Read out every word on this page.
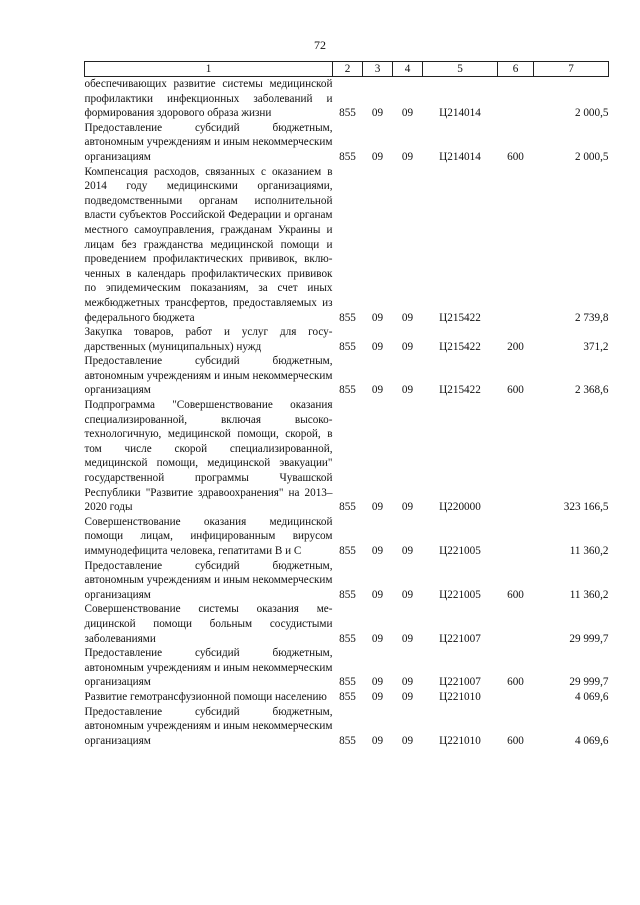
72
1	2	3	4	5	6	7
обеспечивающих развитие системы медицинской профилактики инфекционных заболеваний и формирования здорового образа жизни	855	09	09	Ц214014		2 000,5
Предоставление субсидий бюджетным, автономным учреждениям и иным некоммерческим организациям	855	09	09	Ц214014	600	2 000,5
Компенсация расходов, связанных с оказанием в 2014 году медицинскими организациями, подведомственными органам исполнительной власти субъектов Российской Федерации и органам местного самоуправления, гражданам Украины и лицам без гражданства медицинской помощи и проведением профилактических прививок, включенных в календарь профилактических прививок по эпидемическим показаниям, за счет иных межбюджетных трансфертов, предоставляемых из федерального бюджета	855	09	09	Ц215422		2 739,8
Закупка товаров, работ и услуг для государственных (муниципальных) нужд	855	09	09	Ц215422	200	371,2
Предоставление субсидий бюджетным, автономным учреждениям и иным некоммерческим организациям	855	09	09	Ц215422	600	2 368,6
Подпрограмма "Совершенствование оказания специализированной, включая высокотехнологичную, медицинской помощи, скорой, в том числе скорой специализированной, медицинской помощи, медицинской эвакуации" государственной программы Чувашской Республики "Развитие здравоохранения" на 2013–2020 годы	855	09	09	Ц220000		323 166,5
Совершенствование оказания медицинской помощи лицам, инфицированным вирусом иммунодефицита человека, гепатитами В и С	855	09	09	Ц221005		11 360,2
Предоставление субсидий бюджетным, автономным учреждениям и иным некоммерческим организациям	855	09	09	Ц221005	600	11 360,2
Совершенствование системы оказания медицинской помощи больным сосудистыми заболеваниями	855	09	09	Ц221007		29 999,7
Предоставление субсидий бюджетным, автономным учреждениям и иным некоммерческим организациям	855	09	09	Ц221007	600	29 999,7
Развитие гемотрансфузионной помощи населению	855	09	09	Ц221010		4 069,6
Предоставление субсидий бюджетным, автономным учреждениям и иным некоммерческим организациям	855	09	09	Ц221010	600	4 069,6
